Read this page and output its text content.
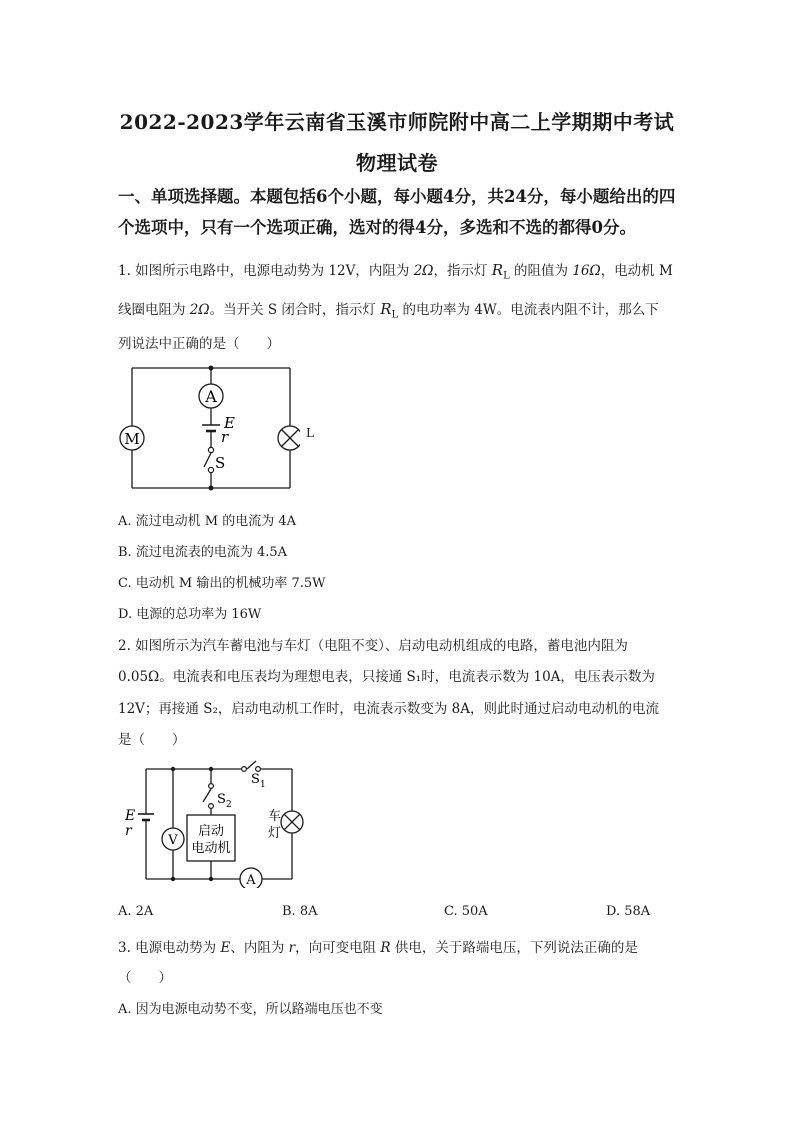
2022-2023学年云南省玉溪市师院附中高二上学期期中考试
物理试卷
一、单项选择题。本题包括6个小题，每小题4分，共24分，每小题给出的四
个选项中，只有一个选项正确，选对的得4分，多选和不选的都得0分。
1. 如图所示电路中，电源电动势为 12V，内阻为 2Ω，指示灯 $R_L$ 的阻值为 16Ω，电动机 M
线圈电阻为 2Ω。当开关 S 闭合时，指示灯 $R_L$ 的电功率为 4W。电流表内阻不计，那么下
列说法中正确的是（　　）
A
M
E
r
S
L
A. 流过电动机 M 的电流为 4A
B. 流过电流表的电流为 4.5A
C. 电动机 M 输出的机械功率 7.5W
D. 电源的总功率为 16W
2. 如图所示为汽车蓄电池与车灯（电阻不变）、启动电动机组成的电路，蓄电池内阻为
0.05Ω。电流表和电压表均为理想电表，只接通 S₁时，电流表示数为 10A，电压表示数为
12V；再接通 S₂，启动电动机工作时，电流表示数变为 8A，则此时通过启动电动机的电流
是（　　）
E
r
V
S 2
S 1
启动
电动机
车
灯
A
A. 2A	B. 8A	C. 50A	D. 58A
3. 电源电动势为 E、内阻为 r，向可变电阻 R 供电，关于路端电压，下列说法正确的是
（　　）
A. 因为电源电动势不变，所以路端电压也不变
